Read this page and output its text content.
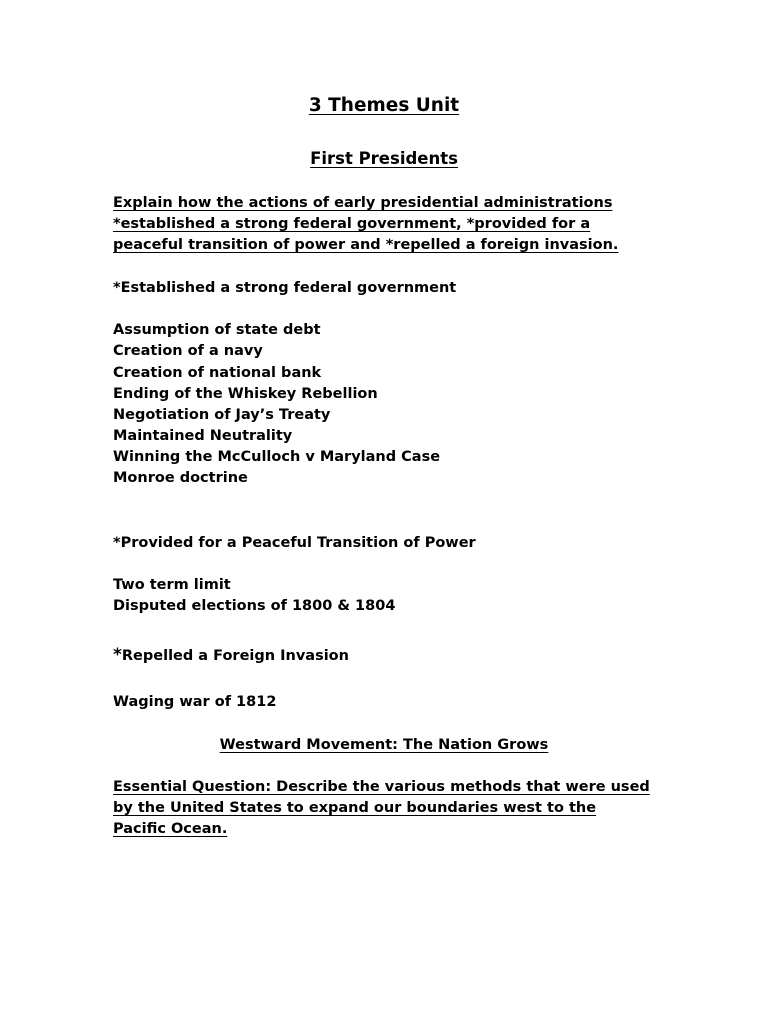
3 Themes Unit
First Presidents
Explain how the actions of early presidential administrations
*established a strong federal government, *provided for a
peaceful transition of power and *repelled a foreign invasion.
*Established a strong federal government
Assumption of state debt
Creation of a navy
Creation of national bank
Ending of the Whiskey Rebellion
Negotiation of Jay’s Treaty
Maintained Neutrality
Winning the McCulloch v Maryland Case
Monroe doctrine
*Provided for a Peaceful Transition of Power
Two term limit
Disputed elections of 1800 & 1804
*Repelled a Foreign Invasion
Waging war of 1812
Westward Movement: The Nation Grows
Essential Question: Describe the various methods that were used
by the United States to expand our boundaries west to the
Pacific Ocean.
